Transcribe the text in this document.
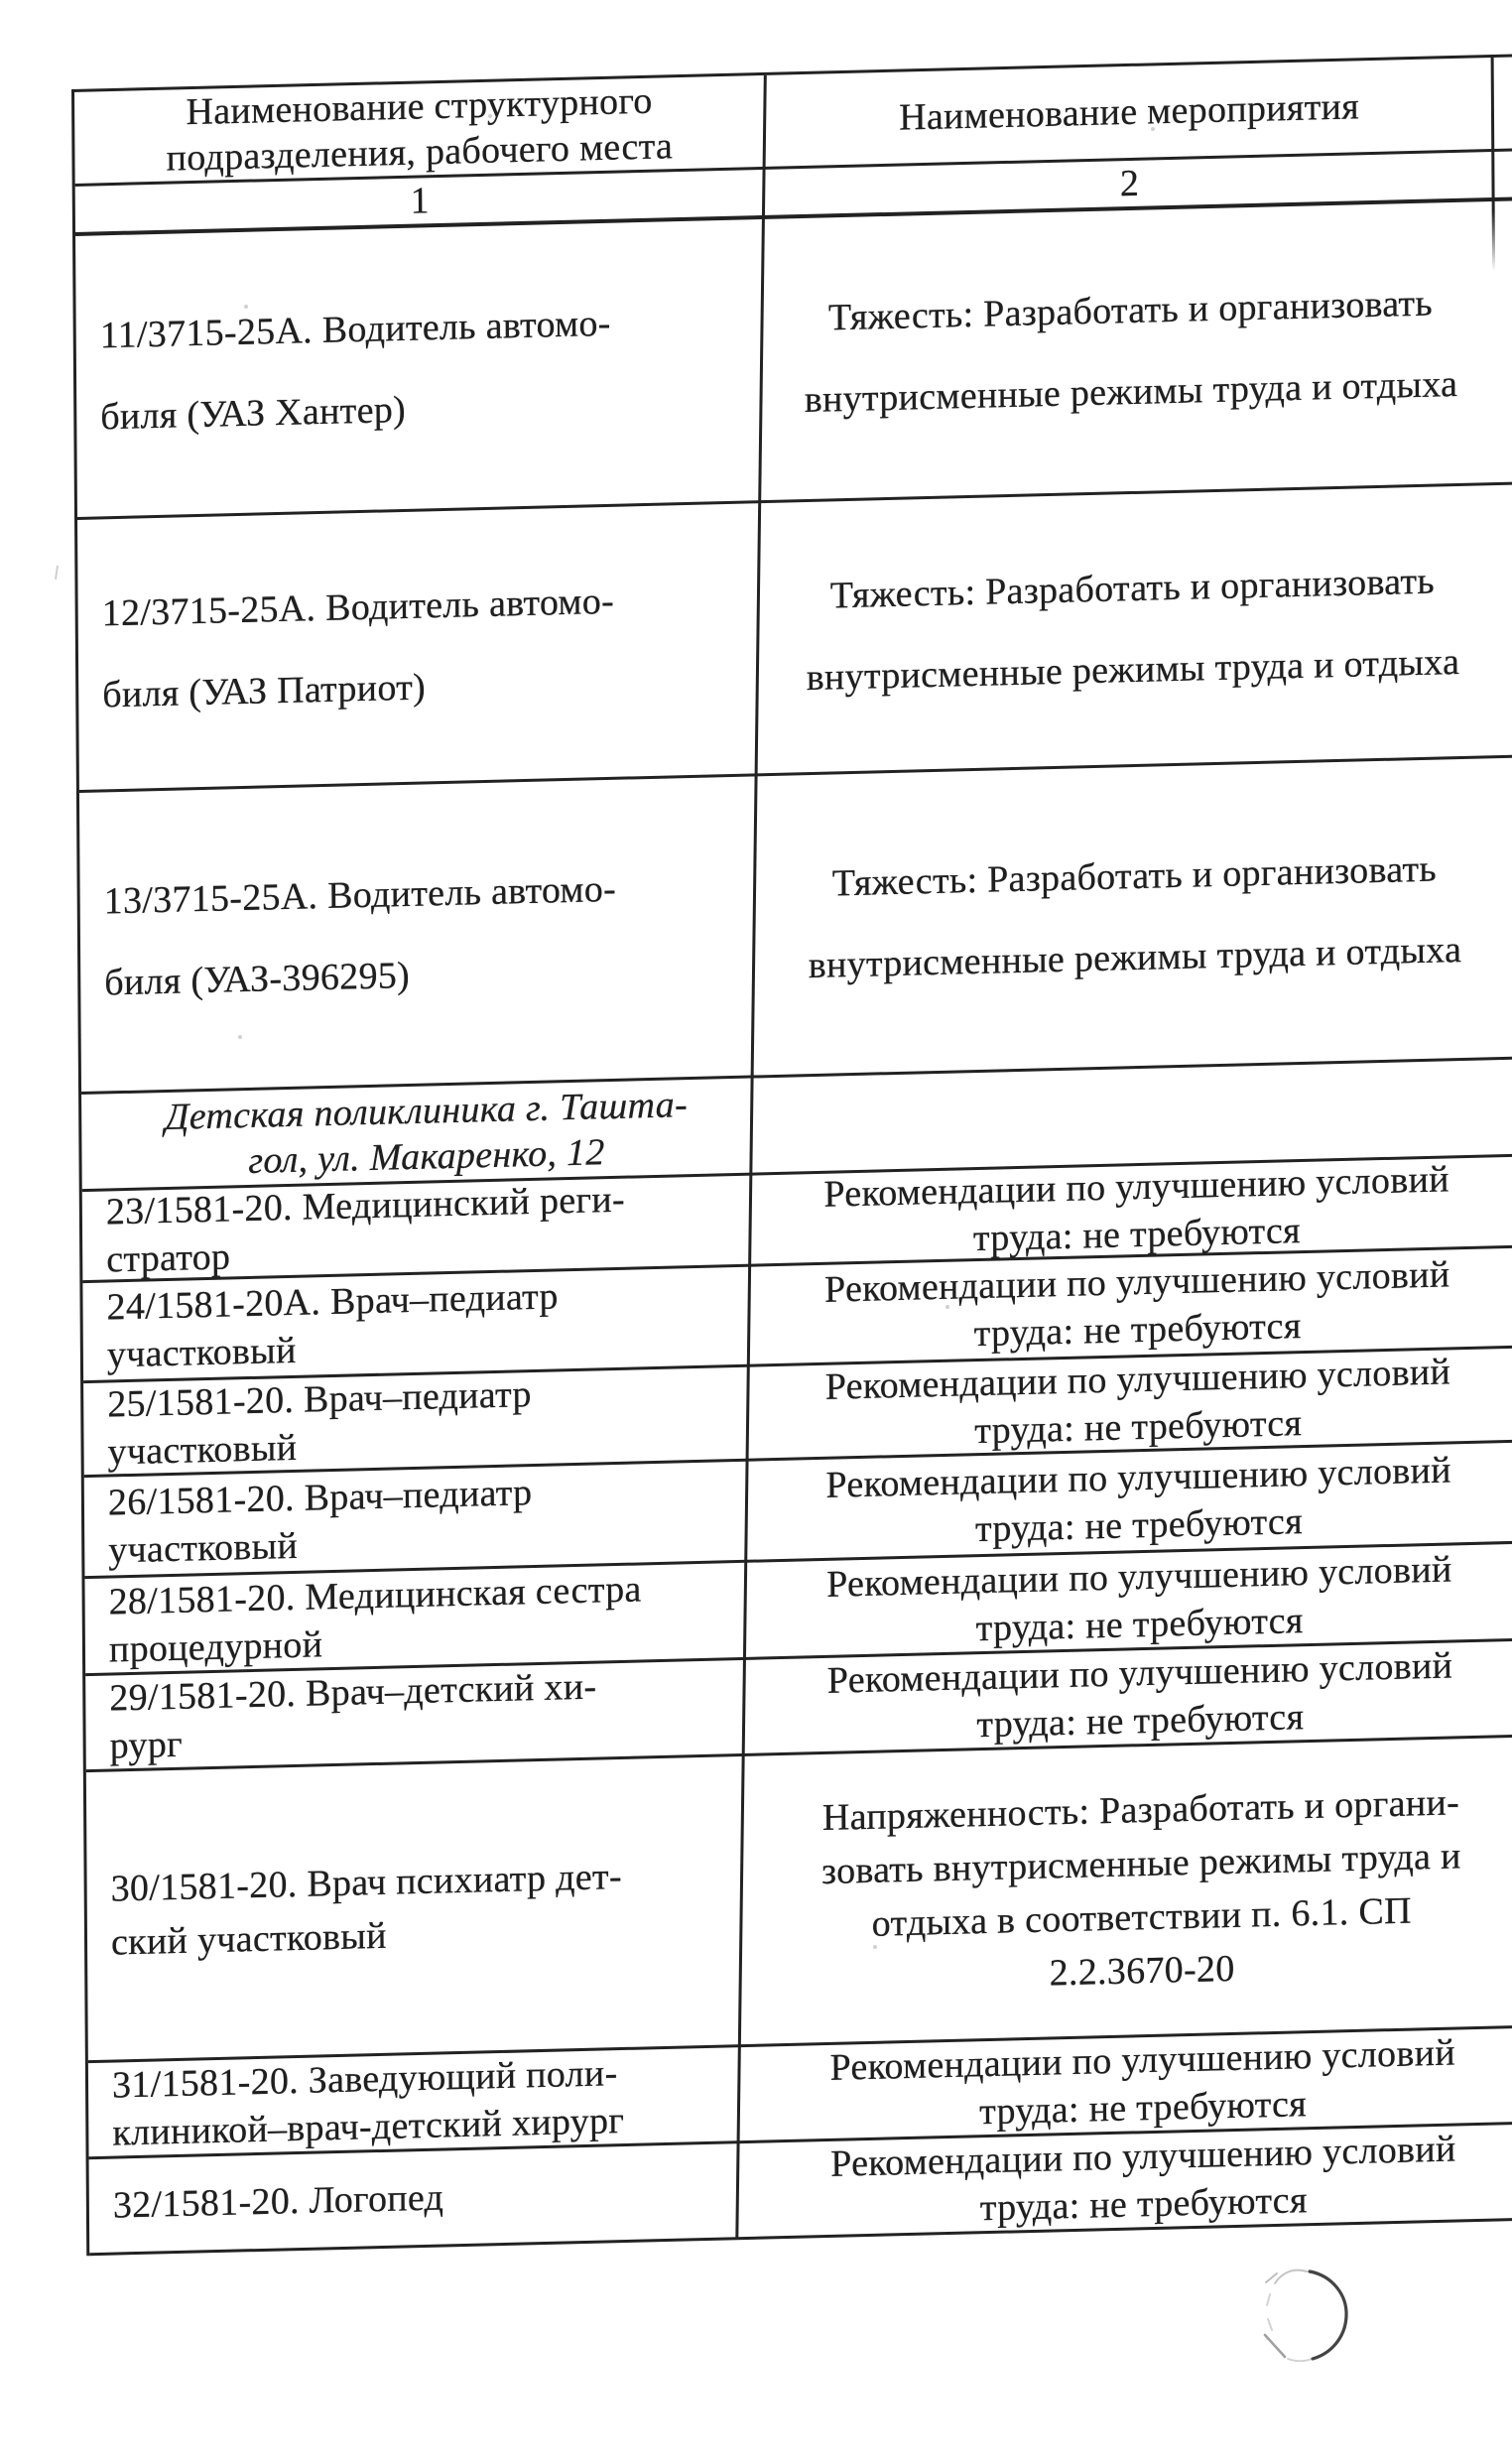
Наименование структурного
подразделения, рабочего места
Наименование мероприятия
1	2
11/3715-25А. Водитель автомо-
биля (УАЗ Хантер)
Тяжесть: Разработать и организовать
внутрисменные режимы труда и отдыха
12/3715-25А. Водитель автомо-
биля (УАЗ Патриот)
Тяжесть: Разработать и организовать
внутрисменные режимы труда и отдыха
13/3715-25А. Водитель автомо-
биля (УАЗ-396295)
Тяжесть: Разработать и организовать
внутрисменные режимы труда и отдыха
Детская поликлиника г. Ташта-
гол, ул. Макаренко, 12
23/1581-20. Медицинский реги-
стратор
Рекомендации по улучшению условий
труда: не требуются
24/1581-20А. Врач–педиатр
участковый
Рекомендации по улучшению условий
труда: не требуются
25/1581-20. Врач–педиатр
участковый
Рекомендации по улучшению условий
труда: не требуются
26/1581-20. Врач–педиатр
участковый
Рекомендации по улучшению условий
труда: не требуются
28/1581-20. Медицинская сестра
процедурной
Рекомендации по улучшению условий
труда: не требуются
29/1581-20. Врач–детский хи-
рург
Рекомендации по улучшению условий
труда: не требуются
30/1581-20. Врач психиатр дет-
ский участковый
Напряженность: Разработать и органи-
зовать внутрисменные режимы труда и
отдыха в соответствии п. 6.1. СП
2.2.3670-20
31/1581-20. Заведующий поли-
клиникой–врач-детский хирург
Рекомендации по улучшению условий
труда: не требуются
32/1581-20. Логопед
Рекомендации по улучшению условий
труда: не требуются
